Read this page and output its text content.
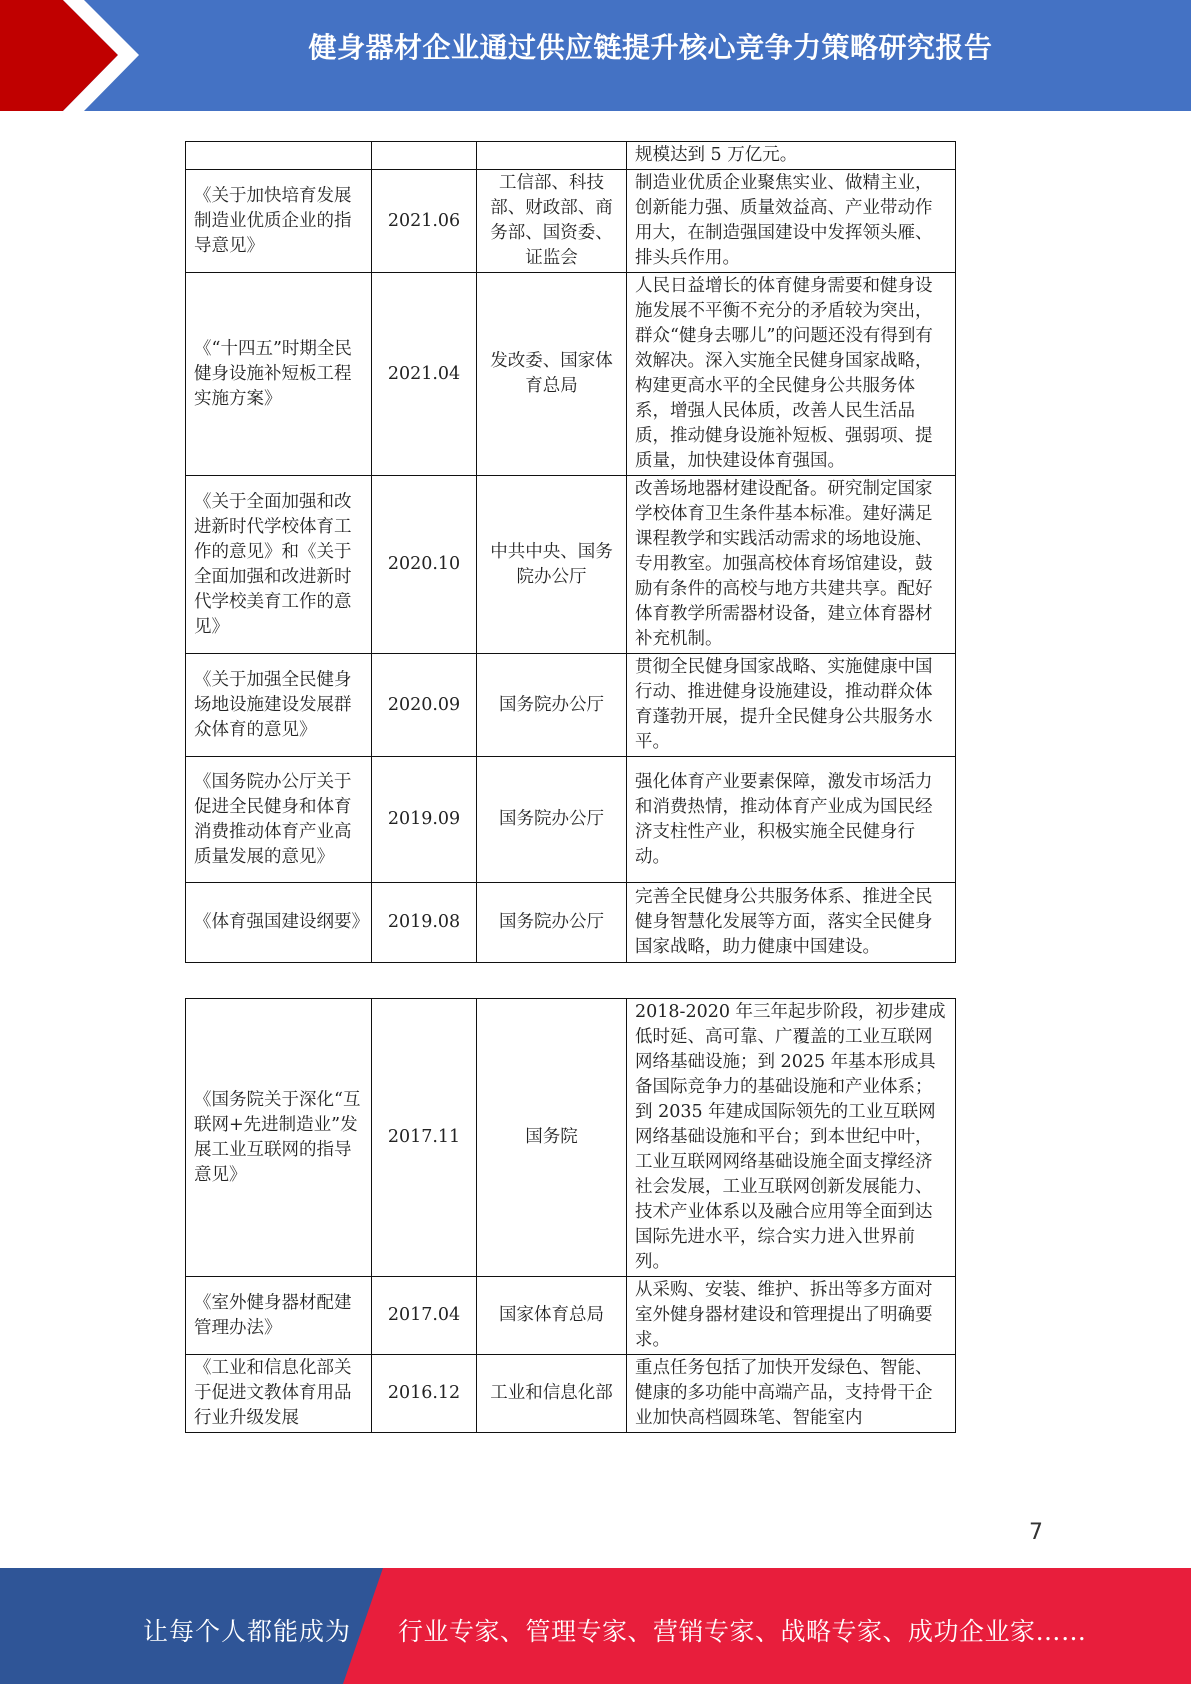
健身器材企业通过供应链提升核心竞争力策略研究报告
			规模达到 5 万亿元。
《关于加快培育发展制造业优质企业的指导意见》	2021.06	工信部、科技部、财政部、商务部、国资委、证监会	制造业优质企业聚焦实业、做精主业，创新能力强、质量效益高、产业带动作用大，在制造强国建设中发挥领头雁、排头兵作用。
《“十四五”时期全民健身设施补短板工程实施方案》	2021.04	发改委、国家体育总局	人民日益增长的体育健身需要和健身设施发展不平衡不充分的矛盾较为突出，群众“健身去哪儿”的问题还没有得到有效解决。深入实施全民健身国家战略，构建更高水平的全民健身公共服务体系，增强人民体质，改善人民生活品质，推动健身设施补短板、强弱项、提质量，加快建设体育强国。
《关于全面加强和改进新时代学校体育工作的意见》和《关于全面加强和改进新时代学校美育工作的意见》	2020.10	中共中央、国务院办公厅	改善场地器材建设配备。研究制定国家学校体育卫生条件基本标准。建好满足课程教学和实践活动需求的场地设施、专用教室。加强高校体育场馆建设，鼓励有条件的高校与地方共建共享。配好体育教学所需器材设备，建立体育器材补充机制。
《关于加强全民健身场地设施建设发展群众体育的意见》	2020.09	国务院办公厅	贯彻全民健身国家战略、实施健康中国行动、推进健身设施建设，推动群众体育蓬勃开展，提升全民健身公共服务水平。
《国务院办公厅关于促进全民健身和体育消费推动体育产业高质量发展的意见》	2019.09	国务院办公厅	强化体育产业要素保障，激发市场活力和消费热情，推动体育产业成为国民经济支柱性产业，积极实施全民健身行动。
《体育强国建设纲要》	2019.08	国务院办公厅	完善全民健身公共服务体系、推进全民健身智慧化发展等方面，落实全民健身国家战略，助力健康中国建设。
《国务院关于深化“互联网+先进制造业”发展工业互联网的指导意见》	2017.11	国务院	2018-2020 年三年起步阶段，初步建成低时延、高可靠、广覆盖的工业互联网网络基础设施；到 2025 年基本形成具备国际竞争力的基础设施和产业体系；到 2035 年建成国际领先的工业互联网网络基础设施和平台；到本世纪中叶，工业互联网网络基础设施全面支撑经济社会发展，工业互联网创新发展能力、技术产业体系以及融合应用等全面到达国际先进水平，综合实力进入世界前列。
《室外健身器材配建管理办法》	2017.04	国家体育总局	从采购、安装、维护、拆出等多方面对室外健身器材建设和管理提出了明确要求。
《工业和信息化部关于促进文教体育用品行业升级发展	2016.12	工业和信息化部	重点任务包括了加快开发绿色、智能、健康的多功能中高端产品，支持骨干企业加快高档圆珠笔、智能室内
7
让每个人都能成为 行业专家、管理专家、营销专家、战略专家、成功企业家……
